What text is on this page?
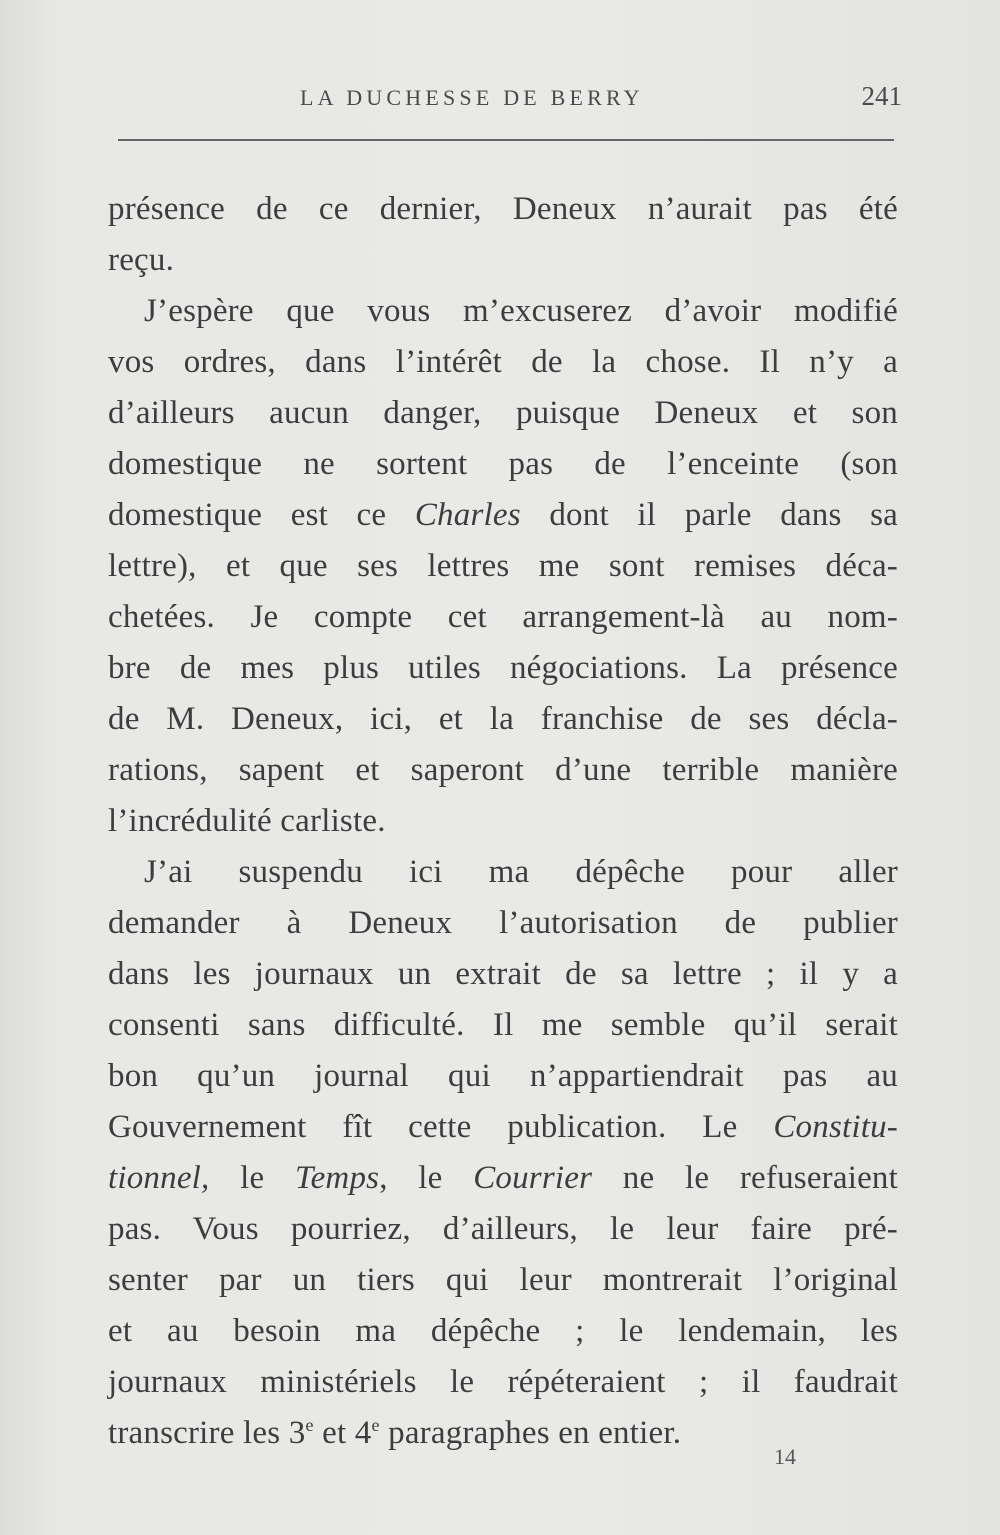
LA DUCHESSE DE BERRY	241
présence de ce dernier, Deneux n’aurait pas été
reçu.
J’espère que vous m’excuserez d’avoir modifié
vos ordres, dans l’intérêt de la chose. Il n’y a
d’ailleurs aucun danger, puisque Deneux et son
domestique ne sortent pas de l’enceinte (son
domestique est ce Charles dont il parle dans sa
lettre), et que ses lettres me sont remises déca-
chetées. Je compte cet arrangement-là au nom-
bre de mes plus utiles négociations. La présence
de M. Deneux, ici, et la franchise de ses décla-
rations, sapent et saperont d’une terrible manière
l’incrédulité carliste.
J’ai suspendu ici ma dépêche pour aller
demander à Deneux l’autorisation de publier
dans les journaux un extrait de sa lettre ; il y a
consenti sans difficulté. Il me semble qu’il serait
bon qu’un journal qui n’appartiendrait pas au
Gouvernement fît cette publication. Le Constitu-
tionnel, le Temps, le Courrier ne le refuseraient
pas. Vous pourriez, d’ailleurs, le leur faire pré-
senter par un tiers qui leur montrerait l’original
et au besoin ma dépêche ; le lendemain, les
journaux ministériels le répéteraient ; il faudrait
transcrire les 3e et 4e paragraphes en entier.
14
